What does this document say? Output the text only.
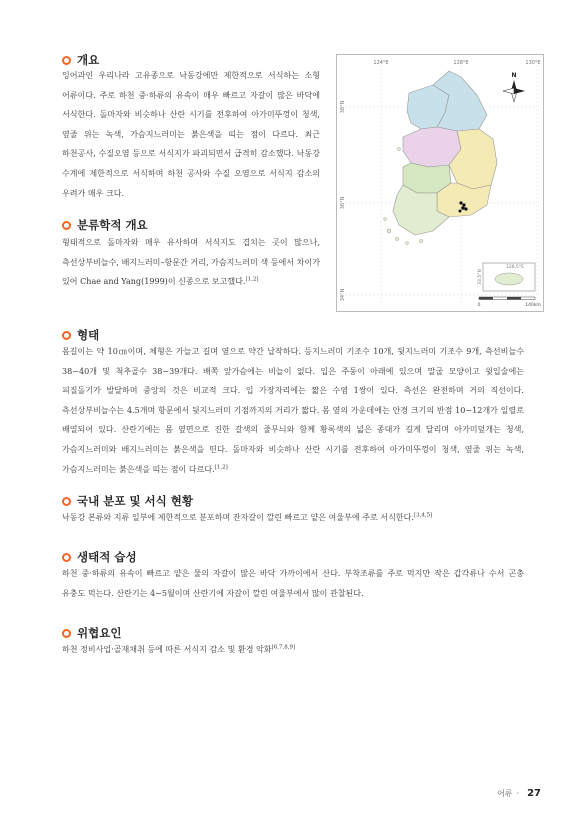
개요

잉어과인 우리나라 고유종으로 낙동강에만 제한적으로 서식하는 소형 어류이다. 주로 하천 중·하류의 유속이 매우 빠르고 자갈이 많은 바닥에 서식한다. 돌마자와 비슷하나 산란 시기를 전후하여 아가미뚜껑이 청색, 옆줄 위는 녹색, 가슴지느러미는 붉은색을 띠는 점이 다르다. 최근 하천공사, 수질오염 등으로 서식지가 파괴되면서 급격히 감소했다. 낙동강 수계에 제한적으로 서식하며 하천 공사와 수질 오염으로 서식지 감소의 우려가 매우 크다.

분류학적 개요

형태적으로 돌마자와 매우 유사하며 서식지도 겹치는 곳이 많으나, 측선상부비늘수, 배지느러미–항문간 거리, 가슴지느러미 색 등에서 차이가 있어 Chae and Yang(1999)이 신종으로 보고했다.[1,2]

형태

몸길이는 약 10㎝이며, 체형은 가늘고 길며 옆으로 약간 납작하다. 등지느러미 기조수 10개, 뒷지느러미 기조수 9개, 측선비늘수 38~40개 및 척추골수 38~39개다. 배쪽 앞가슴에는 비늘이 없다. 입은 주둥이 아래에 있으며 말굽 모양이고 윗입술에는 피질돌기가 발달하며 중앙의 것은 비교적 크다. 입 가장자리에는 짧은 수염 1쌍이 있다. 측선은 완전하며 거의 직선이다. 측선상부비늘수는 4.5개며 항문에서 뒷지느러미 기점까지의 거리가 짧다. 몸 옆의 가운데에는 안경 크기의 반점 10~12개가 일렬로 배열되어 있다. 산란기에는 몸 옆면으로 진한 갈색의 줄무늬와 함께 황록색의 넓은 종대가 길게 달리며 아가미덮개는 청색, 가슴지느러미와 배지느러미는 붉은색을 띤다. 돌마자와 비슷하나 산란 시기를 전후하여 아가미뚜껑이 청색, 옆줄 위는 녹색, 가슴지느러미는 붉은색을 띠는 점이 다르다.[1,2]

국내 분포 및 서식 현황

낙동강 본류와 지류 일부에 제한적으로 분포하며 잔자갈이 깔린 빠르고 얕은 여울부에 주로 서식한다.[3,4,5]

생태적 습성

하천 중·하류의 유속이 빠르고 얕은 물의 자갈이 많은 바닥 가까이에서 산다. 부착조류를 주로 먹지만 작은 갑각류나 수서 곤충 유충도 먹는다. 산란기는 4~5월이며 산란기에 자갈이 깔린 여울부에서 많이 관찰된다.

위협요인

하천 정비사업·골재채취 등에 따른 서식지 감소 및 환경 악화[6,7,8,9]

124°E	128°E	130°E
38°N
36°N
34°N
N
126.5°E
33.5°N
0	140km
어류 · 27
